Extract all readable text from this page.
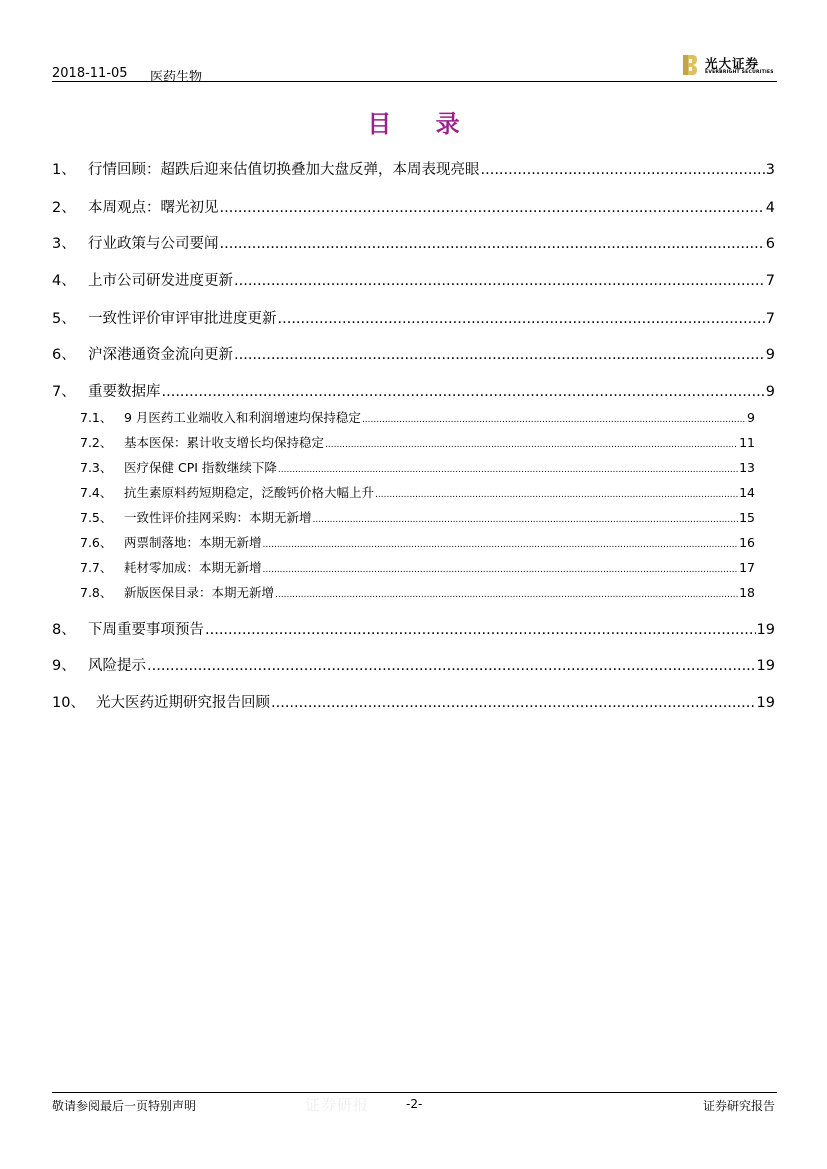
2018-11-05 医药生物
光大证券
EVERBRIGHT SECURITIES
目 录
1、 行情回顾：超跌后迎来估值切换叠加大盘反弹，本周表现亮眼 .....	3
2、 本周观点：曙光初见 .....	4
3、 行业政策与公司要闻 .....	6
4、 上市公司研发进度更新 .....	7
5、 一致性评价审评审批进度更新 .....	7
6、 沪深港通资金流向更新 .....	9
7、 重要数据库 .....	9
7.1、 9 月医药工业端收入和利润增速均保持稳定 .....	9
7.2、 基本医保：累计收支增长均保持稳定 .....	11
7.3、 医疗保健 CPI 指数继续下降 .....	13
7.4、 抗生素原料药短期稳定，泛酸钙价格大幅上升 .....	14
7.5、 一致性评价挂网采购：本期无新增 .....	15
7.6、 两票制落地：本期无新增 .....	16
7.7、 耗材零加成：本期无新增 .....	17
7.8、 新版医保目录：本期无新增 .....	18
8、 下周重要事项预告 .....	19
9、 风险提示 .....	19
10、 光大医药近期研究报告回顾 .....	19
敬请参阅最后一页特别声明	证券研报	-2-	证券研究报告
